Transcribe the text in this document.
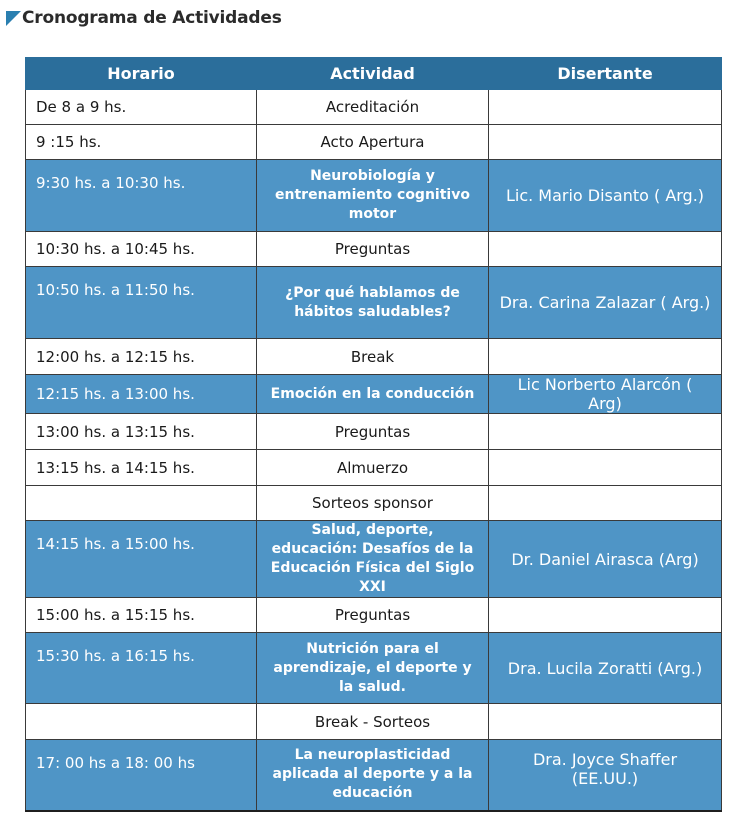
Cronograma de Actividades
Horario	Actividad	Disertante
De 8 a 9 hs.	Acreditación	
9 :15 hs.	Acto Apertura	
9:30 hs. a 10:30 hs.	Neurobiología y entrenamiento cognitivo motor	Lic. Mario Disanto ( Arg.)
10:30 hs. a 10:45 hs.	Preguntas	
10:50 hs. a 11:50 hs.	¿Por qué hablamos de hábitos saludables?	Dra. Carina Zalazar ( Arg.)
12:00 hs. a 12:15 hs.	Break	
12:15 hs. a 13:00 hs.	Emoción en la conducción	Lic Norberto Alarcón ( Arg)
13:00 hs. a 13:15 hs.	Preguntas	
13:15 hs. a 14:15 hs.	Almuerzo	
	Sorteos sponsor	
14:15 hs. a 15:00 hs.	Salud, deporte, educación: Desafíos de la Educación Física del Siglo XXI	Dr. Daniel Airasca (Arg)
15:00 hs. a 15:15 hs.	Preguntas	
15:30 hs. a 16:15 hs.	Nutrición para el aprendizaje, el deporte y la salud.	Dra. Lucila Zoratti (Arg.)
	Break - Sorteos	
17: 00 hs a 18: 00 hs	La neuroplasticidad aplicada al deporte y a la educación	Dra. Joyce Shaffer (EE.UU.)
